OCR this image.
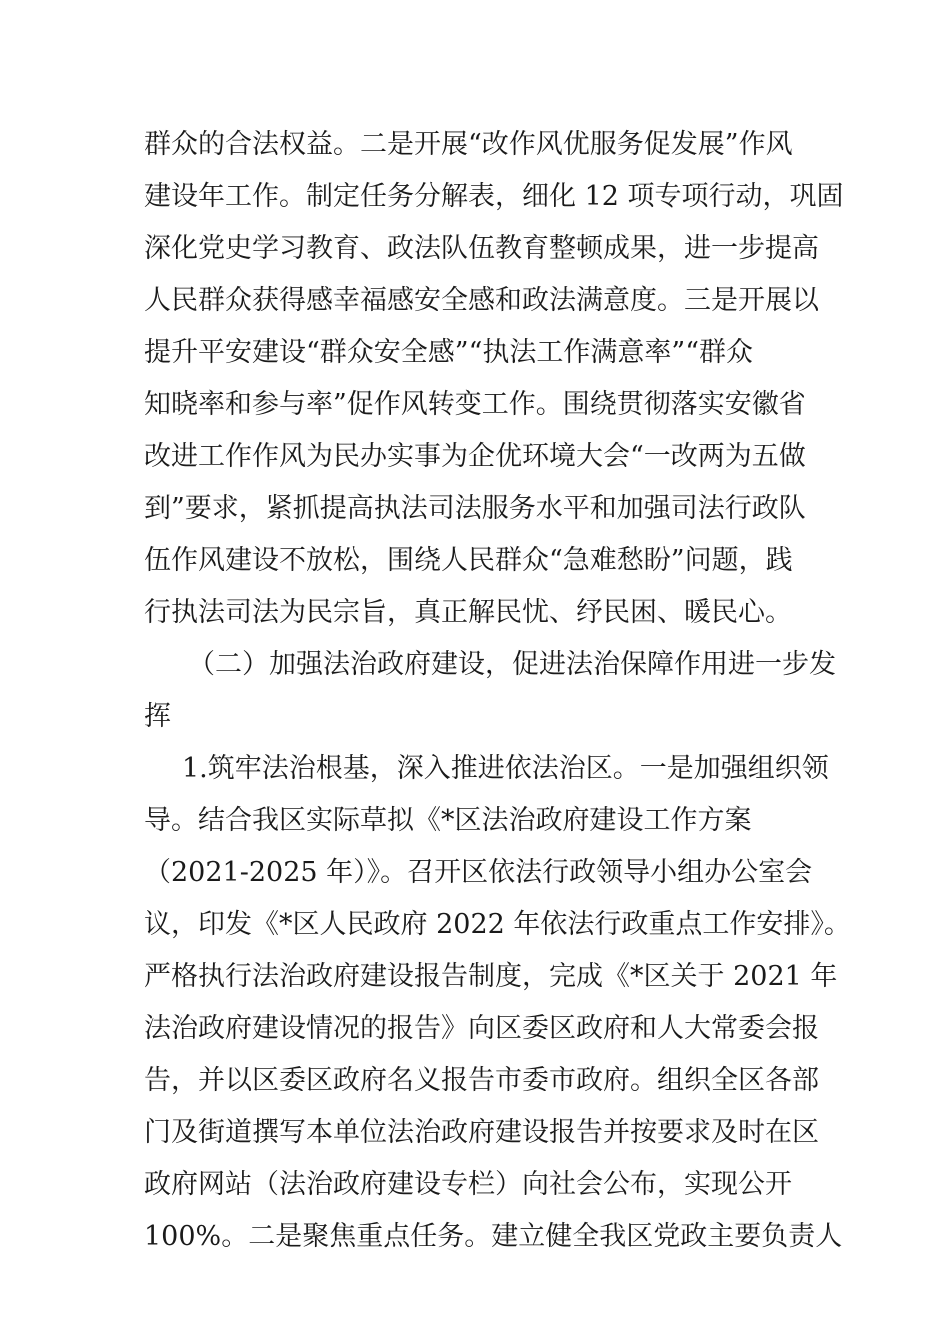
群众的合法权益。二是开展“改作风优服务促发展”作风
建设年工作。制定任务分解表，细化 12 项专项行动，巩固
深化党史学习教育、政法队伍教育整顿成果，进一步提高
人民群众获得感幸福感安全感和政法满意度。三是开展以
提升平安建设“群众安全感”“执法工作满意率”“群众
知晓率和参与率”促作风转变工作。围绕贯彻落实安徽省
改进工作作风为民办实事为企优环境大会“一改两为五做
到”要求，紧抓提高执法司法服务水平和加强司法行政队
伍作风建设不放松，围绕人民群众“急难愁盼”问题，践
行执法司法为民宗旨，真正解民忧、纾民困、暖民心。
（二）加强法治政府建设，促进法治保障作用进一步发
挥
1.筑牢法治根基，深入推进依法治区。一是加强组织领
导。结合我区实际草拟《*区法治政府建设工作方案
（2021-2025 年）》。召开区依法行政领导小组办公室会
议，印发《*区人民政府 2022 年依法行政重点工作安排》。
严格执行法治政府建设报告制度，完成《*区关于 2021 年
法治政府建设情况的报告》向区委区政府和人大常委会报
告，并以区委区政府名义报告市委市政府。组织全区各部
门及街道撰写本单位法治政府建设报告并按要求及时在区
政府网站（法治政府建设专栏）向社会公布，实现公开
100%。二是聚焦重点任务。建立健全我区党政主要负责人
